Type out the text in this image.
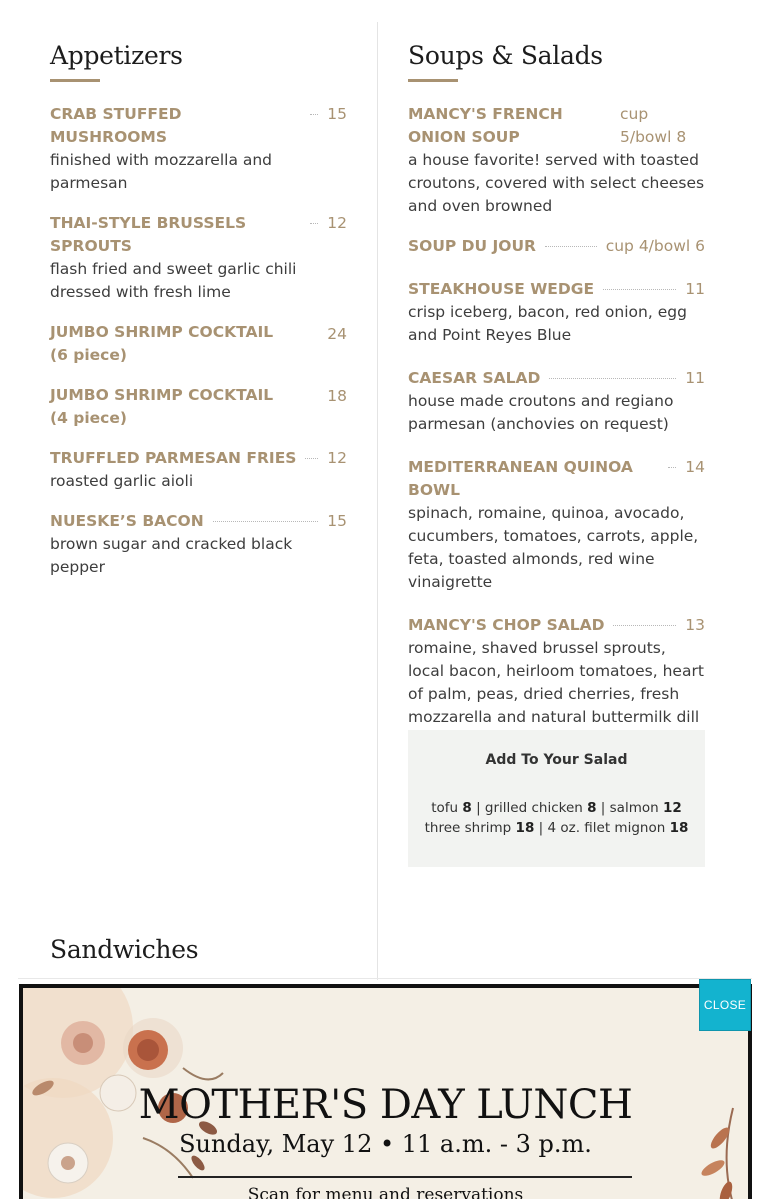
Appetizers
CRAB STUFFED MUSHROOMS
15
finished with mozzarella and parmesan
THAI-STYLE BRUSSELS SPROUTS
12
flash fried and sweet garlic chili dressed with fresh lime
JUMBO SHRIMP COCKTAIL (6 piece)
24
JUMBO SHRIMP COCKTAIL (4 piece)
18
TRUFFLED PARMESAN FRIES 12
roasted garlic aioli
NUESKE’S BACON	15
brown sugar and cracked black pepper
Soups & Salads
MANCY'S FRENCH ONION SOUP
cup 5/bowl 8
a house favorite! served with toasted croutons, covered with select cheeses and oven browned
SOUP DU JOUR	cup 4/bowl 6
STEAKHOUSE WEDGE	11
crisp iceberg, bacon, red onion, egg and Point Reyes Blue
CAESAR SALAD	11
house made croutons and regiano parmesan (anchovies on request)
MEDITERRANEAN QUINOA BOWL
14
spinach, romaine, quinoa, avocado, cucumbers, tomatoes, carrots, apple, feta, toasted almonds, red wine vinaigrette
MANCY'S CHOP SALAD	13
romaine, shaved brussel sprouts, local bacon, heirloom tomatoes, heart of palm, peas, dried cherries, fresh mozzarella and natural buttermilk dill
Add To Your Salad
tofu 8 | grilled chicken 8 | salmon 12
three shrimp 18 | 4 oz. filet mignon 18
Sandwiches
MOTHER'S DAY LUNCH
Sunday, May 12 • 11 a.m. - 3 p.m.
Scan for menu and reservations
CLOSE
